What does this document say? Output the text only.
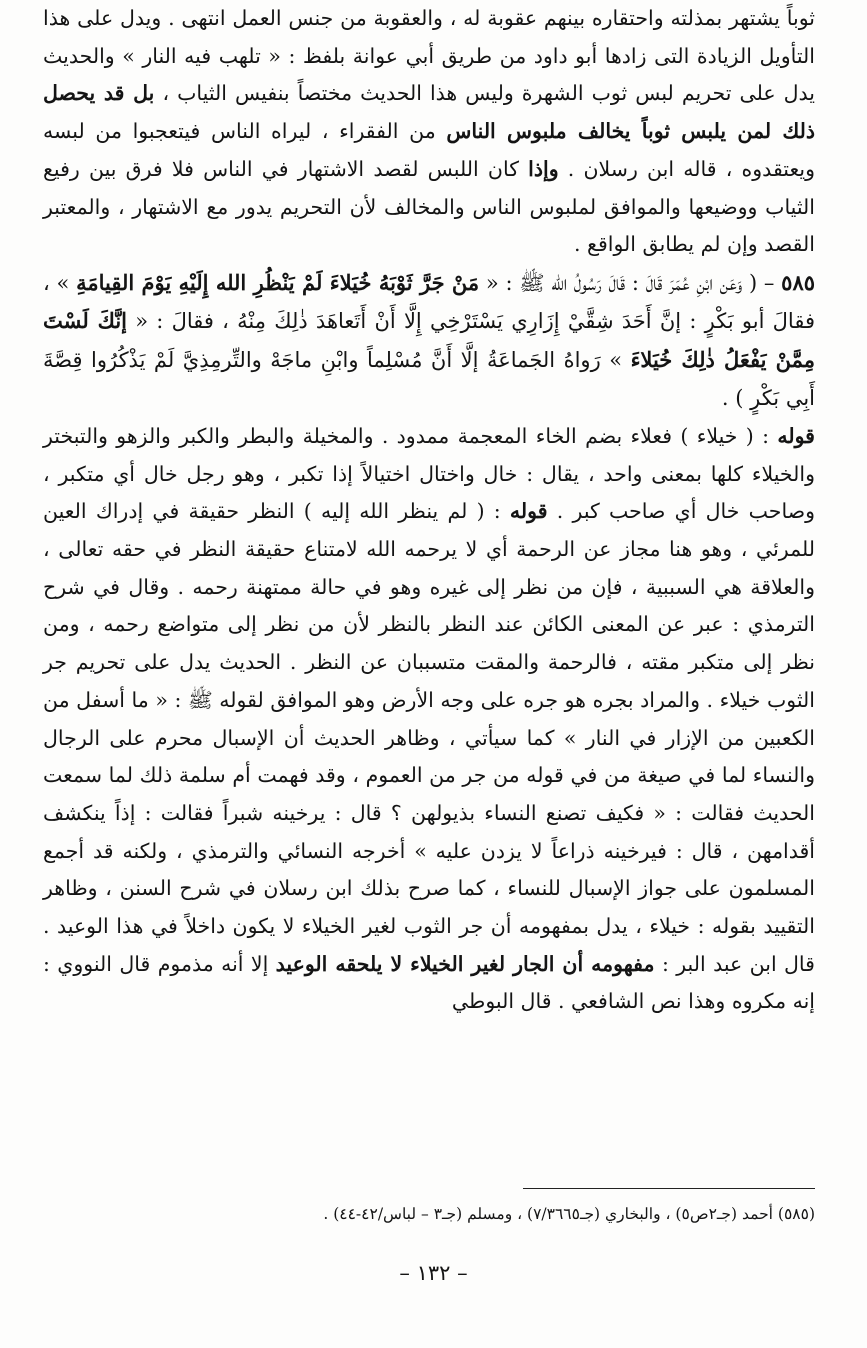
ثوباً يشتهر بمذلته واحتقاره بينهم عقوبة له ، والعقوبة من جنس العمل انتهى . ويدل على هذا التأويل الزيادة التى زادها أبو داود من طريق أبي عوانة بلفظ : « تلهب فيه النار » والحديث يدل على تحريم لبس ثوب الشهرة وليس هذا الحديث مختصاً بنفيس الثياب ، بل قد يحصل ذلك لمن يلبس ثوباً يخالف ملبوس الناس من الفقراء ، ليراه الناس فيتعجبوا من لبسه ويعتقدوه ، قاله ابن رسلان . وإذا كان اللبس لقصد الاشتهار في الناس فلا فرق بين رفيع الثياب ووضيعها والموافق لملبوس الناس والمخالف لأن التحريم يدور مع الاشتهار ، والمعتبر القصد وإن لم يطابق الواقع .

٥٨٥ – ( وَعَن ابْنِ عُمَرَ قَالَ : قَالَ رَسُولُ الله ﷺ : « مَنْ جَرَّ ثَوْبَهُ خُيَلاءَ لَمْ يَنْظُرِ الله إِلَيْهِ يَوْمَ القِيامَةِ » ، فقالَ أبو بَكْرٍ : إنَّ أَحَدَ شِقَّيْ إِزَارِي يَسْتَرْخِي إِلَّا أَنْ أَتَعاهَدَ ذٰلِكَ مِنْهُ ، فقالَ : « إنَّكَ لَسْتَ مِمَّنْ يَفْعَلُ ذٰلِكَ خُيَلاءَ » رَواهُ الجَماعَةُ إلَّا أَنَّ مُسْلِماً وابْنِ ماجَهْ والتِّرمِذِيَّ لَمْ يَذْكُرُوا قِصَّةَ أَبِي بَكْرٍ ) .

قوله : ( خيلاء ) فعلاء بضم الخاء المعجمة ممدود . والمخيلة والبطر والكبر والزهو والتبختر والخيلاء كلها بمعنى واحد ، يقال : خال واختال اختيالاً إذا تكبر ، وهو رجل خال أي متكبر ، وصاحب خال أي صاحب كبر . قوله : ( لم ينظر الله إليه ) النظر حقيقة في إدراك العين للمرئي ، وهو هنا مجاز عن الرحمة أي لا يرحمه الله لامتناع حقيقة النظر في حقه تعالى ، والعلاقة هي السببية ، فإن من نظر إلى غيره وهو في حالة ممتهنة رحمه . وقال في شرح الترمذي : عبر عن المعنى الكائن عند النظر بالنظر لأن من نظر إلى متواضع رحمه ، ومن نظر إلى متكبر مقته ، فالرحمة والمقت متسببان عن النظر . الحديث يدل على تحريم جر الثوب خيلاء . والمراد بجره هو جره على وجه الأرض وهو الموافق لقوله ﷺ : « ما أسفل من الكعبين من الإزار في النار » كما سيأتي ، وظاهر الحديث أن الإسبال محرم على الرجال والنساء لما في صيغة من في قوله من جر من العموم ، وقد فهمت أم سلمة ذلك لما سمعت الحديث فقالت : « فكيف تصنع النساء بذيولهن ؟ قال : يرخينه شبراً فقالت : إذاً ينكشف أقدامهن ، قال : فيرخينه ذراعاً لا يزدن عليه » أخرجه النسائي والترمذي ، ولكنه قد أجمع المسلمون على جواز الإسبال للنساء ، كما صرح بذلك ابن رسلان في شرح السنن ، وظاهر التقييد بقوله : خيلاء ، يدل بمفهومه أن جر الثوب لغير الخيلاء لا يكون داخلاً في هذا الوعيد . قال ابن عبد البر : مفهومه أن الجار لغير الخيلاء لا يلحقه الوعيد إلا أنه مذموم قال النووي : إنه مكروه وهذا نص الشافعي . قال البوطي

(٥٨٥) أحمد (جـ٢ص٥) ، والبخاري (جـ٧/٣٦٦٥) ، ومسلم (جـ٣ – لباس/٤٢-٤٤) .

– ١٣٢ –
